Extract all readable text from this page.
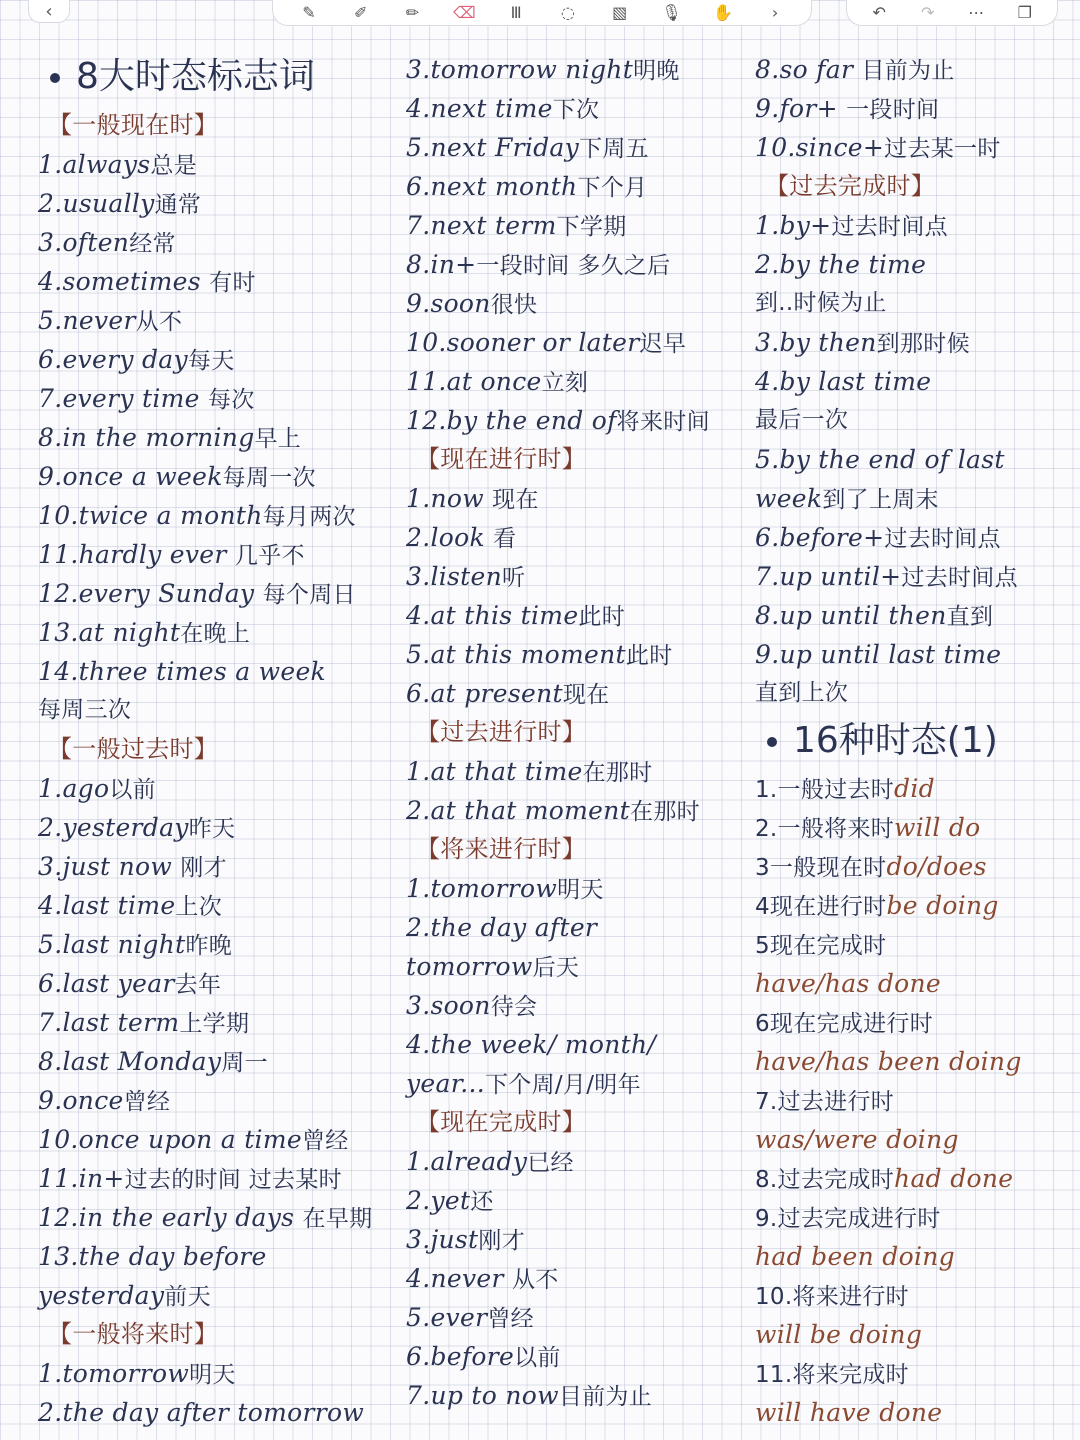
‹	✎	✐	✏	⌫	Ⅲ	◌	▧ 🎙 ✋	›	↶	↷	⋯	❐
8大时态标志词
【一般现在时】
1.always总是
2.usually通常
3.often经常
4.sometimes 有时
5.never从不
6.every day每天
7.every time 每次
8.in the morning早上
9.once a week每周一次
10.twice a month每月两次
11.hardly ever 几乎不
12.every Sunday 每个周日
13.at night在晚上
14.three times a week
每周三次
【一般过去时】
1.ago以前
2.yesterday昨天
3.just now 刚才
4.last time上次
5.last night昨晚
6.last year去年
7.last term上学期
8.last Monday周一
9.once曾经
10.once upon a time曾经
11.in+过去的时间 过去某时
12.in the early days 在早期
13.the day before
yesterday前天
【一般将来时】
1.tomorrow明天
2.the day after tomorrow
3.tomorrow night明晚
4.next time下次
5.next Friday下周五
6.next month下个月
7.next term下学期
8.in+一段时间 多久之后
9.soon很快
10.sooner or later迟早
11.at once立刻
12.by the end of将来时间
【现在进行时】
1.now 现在
2.look 看
3.listen听
4.at this time此时
5.at this moment此时
6.at present现在
【过去进行时】
1.at that time在那时
2.at that moment在那时
【将来进行时】
1.tomorrow明天
2.the day after
tomorrow后天
3.soon待会
4.the week/ month/
year...下个周/月/明年
【现在完成时】
1.already已经
2.yet还
3.just刚才
4.never 从不
5.ever曾经
6.before以前
7.up to now目前为止
8.so far 目前为止
9.for+ 一段时间
10.since+过去某一时
【过去完成时】
1.by+过去时间点
2.by the time
到..时候为止
3.by then到那时候
4.by last time
最后一次
5.by the end of last
week到了上周末
6.before+过去时间点
7.up until+过去时间点
8.up until then直到
9.up until last time
直到上次
16种时态(1)
1.一般过去时did
2.一般将来时will do
3一般现在时do/does
4现在进行时be doing
5现在完成时
have/has done
6现在完成进行时
have/has been doing
7.过去进行时
was/were doing
8.过去完成时had done
9.过去完成进行时
had been doing
10.将来进行时
will be doing
11.将来完成时
will have done
